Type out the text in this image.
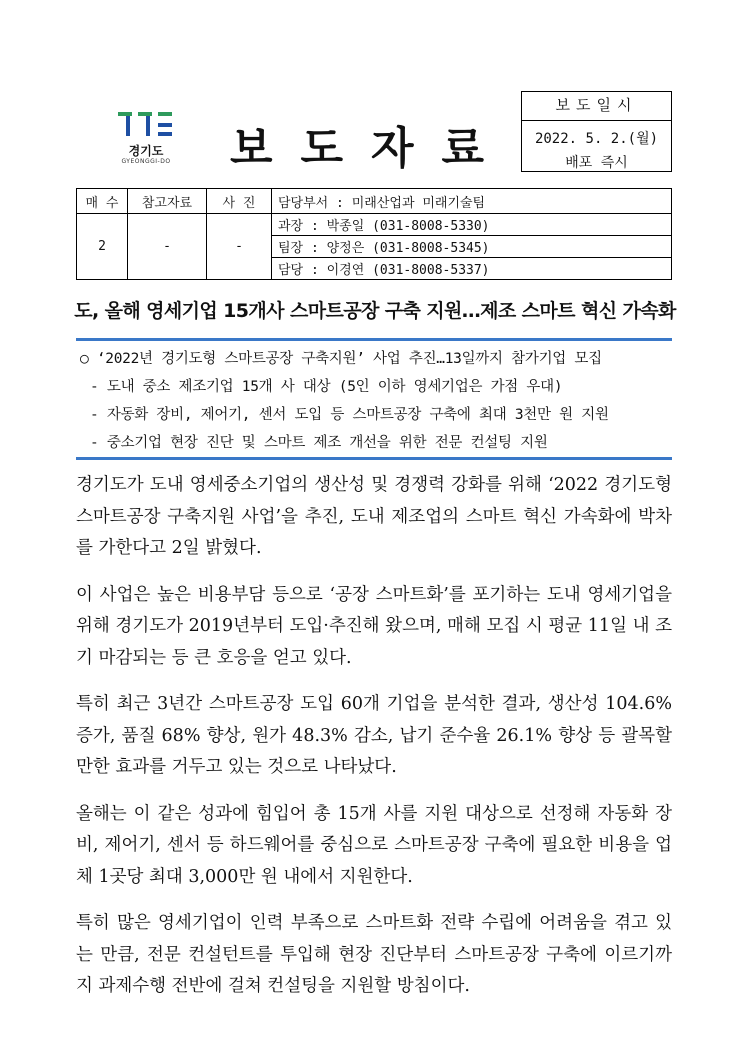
경기도
GYEONGGI-DO 보도자료
보도일시
2022. 5. 2.(월)
배포 즉시
매 수	참고자료	사 진	담당부서 : 미래산업과 미래기술팀
2	-	-	과장 : 박종일 (031-8008-5330)
			팀장 : 양정은 (031-8008-5345)
			담당 : 이경연 (031-8008-5337)
도, 올해 영세기업 15개사 스마트공장 구축 지원…제조 스마트 혁신 가속화
○ ‘2022년 경기도형 스마트공장 구축지원’ 사업 추진…13일까지 참가기업 모집
- 도내 중소 제조기업 15개 사 대상 (5인 이하 영세기업은 가점 우대)
- 자동화 장비, 제어기, 센서 도입 등 스마트공장 구축에 최대 3천만 원 지원
- 중소기업 현장 진단 및 스마트 제조 개선을 위한 전문 컨설팅 지원

경기도가 도내 영세중소기업의 생산성 및 경쟁력 강화를 위해 ‘2022 경기도형 스마트공장 구축지원 사업’을 추진, 도내 제조업의 스마트 혁신 가속화에 박차를 가한다고 2일 밝혔다.

이 사업은 높은 비용부담 등으로 ‘공장 스마트화’를 포기하는 도내 영세기업을 위해 경기도가 2019년부터 도입·추진해 왔으며, 매해 모집 시 평균 11일 내 조기 마감되는 등 큰 호응을 얻고 있다.

특히 최근 3년간 스마트공장 도입 60개 기업을 분석한 결과, 생산성 104.6% 증가, 품질 68% 향상, 원가 48.3% 감소, 납기 준수율 26.1% 향상 등 괄목할 만한 효과를 거두고 있는 것으로 나타났다.

올해는 이 같은 성과에 힘입어 총 15개 사를 지원 대상으로 선정해 자동화 장비, 제어기, 센서 등 하드웨어를 중심으로 스마트공장 구축에 필요한 비용을 업체 1곳당 최대 3,000만 원 내에서 지원한다.

특히 많은 영세기업이 인력 부족으로 스마트화 전략 수립에 어려움을 겪고 있는 만큼, 전문 컨설턴트를 투입해 현장 진단부터 스마트공장 구축에 이르기까지 과제수행 전반에 걸쳐 컨설팅을 지원할 방침이다.
